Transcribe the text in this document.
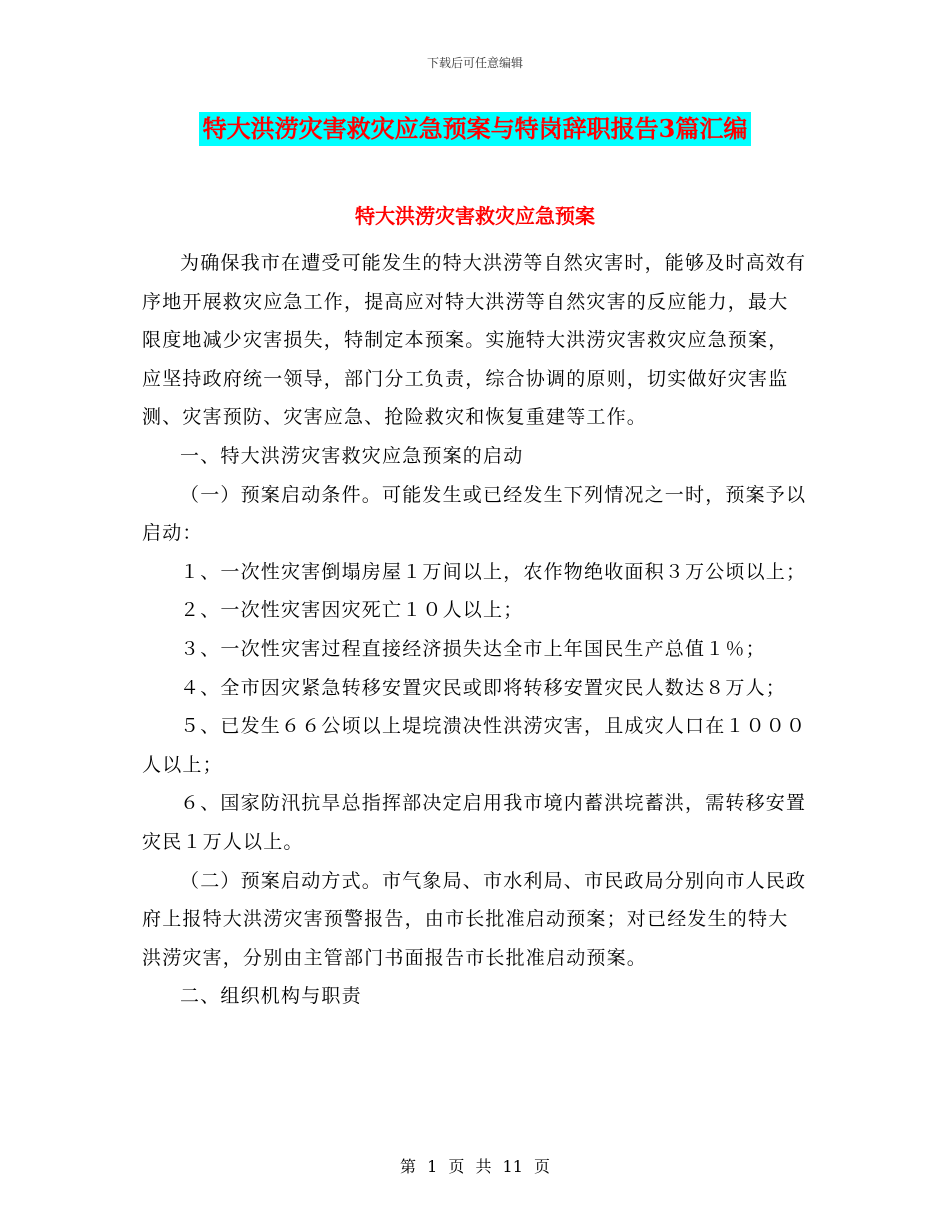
下载后可任意编辑
特大洪涝灾害救灾应急预案与特岗辞职报告3篇汇编
特大洪涝灾害救灾应急预案

为确保我市在遭受可能发生的特大洪涝等自然灾害时，能够及时高效有序地开展救灾应急工作，提高应对特大洪涝等自然灾害的反应能力，最大限度地减少灾害损失，特制定本预案。实施特大洪涝灾害救灾应急预案，应坚持政府统一领导，部门分工负责，综合协调的原则，切实做好灾害监测、灾害预防、灾害应急、抢险救灾和恢复重建等工作。

一、特大洪涝灾害救灾应急预案的启动

（一）预案启动条件。可能发生或已经发生下列情况之一时，预案予以启动：

１、一次性灾害倒塌房屋１万间以上，农作物绝收面积３万公顷以上；

２、一次性灾害因灾死亡１０人以上；

３、一次性灾害过程直接经济损失达全市上年国民生产总值１％；

４、全市因灾紧急转移安置灾民或即将转移安置灾民人数达８万人；

５、已发生６６公顷以上堤垸溃决性洪涝灾害，且成灾人口在１０００人以上；

６、国家防汛抗旱总指挥部决定启用我市境内蓄洪垸蓄洪，需转移安置灾民１万人以上。

（二）预案启动方式。市气象局、市水利局、市民政局分别向市人民政府上报特大洪涝灾害预警报告，由市长批准启动预案；对已经发生的特大洪涝灾害，分别由主管部门书面报告市长批准启动预案。

二、组织机构与职责

第 1 页 共 11 页
